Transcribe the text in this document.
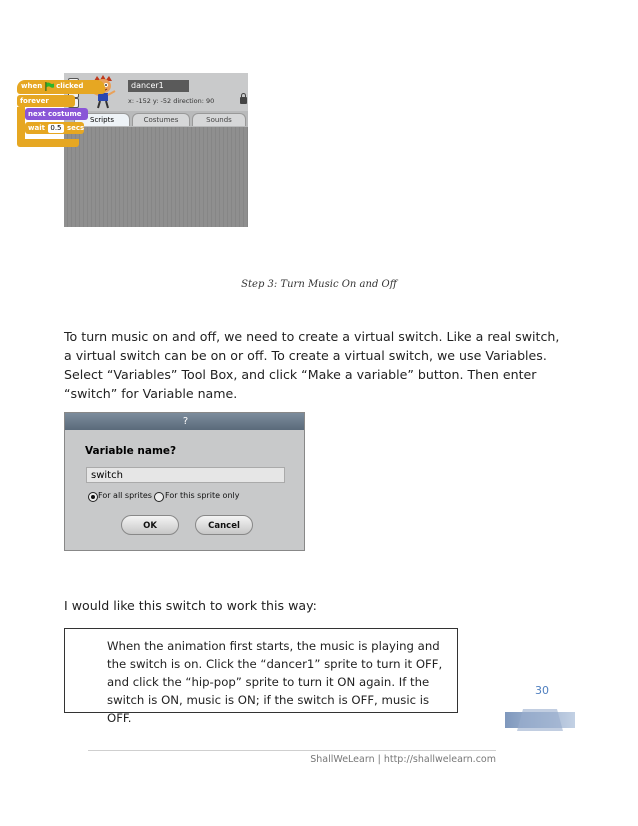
dancer1
x: -152 y: -52 direction: 90
Scripts	Costumes	Sounds
when clicked
forever
next costume
wait 0.5 secs
Step 3: Turn Music On and Off

To turn music on and off, we need to create a virtual switch. Like a real switch,

a virtual switch can be on or off. To create a virtual switch, we use Variables.

Select “Variables” Tool Box, and click “Make a variable” button. Then enter

“switch” for Variable name.

?
Variable name?
switch
For all sprites For this sprite only
OK	Cancel
I would like this switch to work this way:
When the animation first starts, the music is playing and
the switch is on. Click the “dancer1” sprite to turn it OFF,
and click the “hip-pop” sprite to turn it ON again. If the
switch is ON, music is ON; if the switch is OFF, music is OFF.
30
ShallWeLearn | http://shallwelearn.com
